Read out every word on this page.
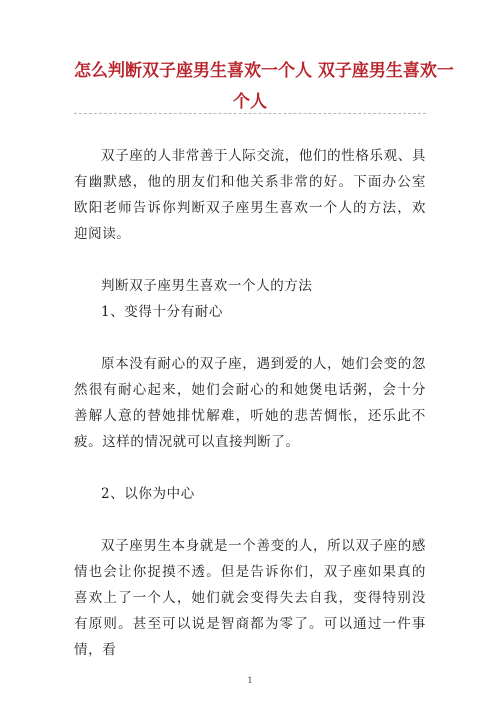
怎么判断双子座男生喜欢一个人 双子座男生喜欢一
个人

双子座的人非常善于人际交流，他们的性格乐观、具有幽默感，他的朋友们和他关系非常的好。下面办公室欧阳老师告诉你判断双子座男生喜欢一个人的方法，欢迎阅读。

判断双子座男生喜欢一个人的方法

1、变得十分有耐心

原本没有耐心的双子座，遇到爱的人，她们会变的忽然很有耐心起来，她们会耐心的和她煲电话粥，会十分善解人意的替她排忧解难，听她的悲苦惆怅，还乐此不疲。这样的情况就可以直接判断了。

2、以你为中心

双子座男生本身就是一个善变的人，所以双子座的感情也会让你捉摸不透。但是告诉你们，双子座如果真的喜欢上了一个人，她们就会变得失去自我，变得特别没有原则。甚至可以说是智商都为零了。可以通过一件事情，看

1
